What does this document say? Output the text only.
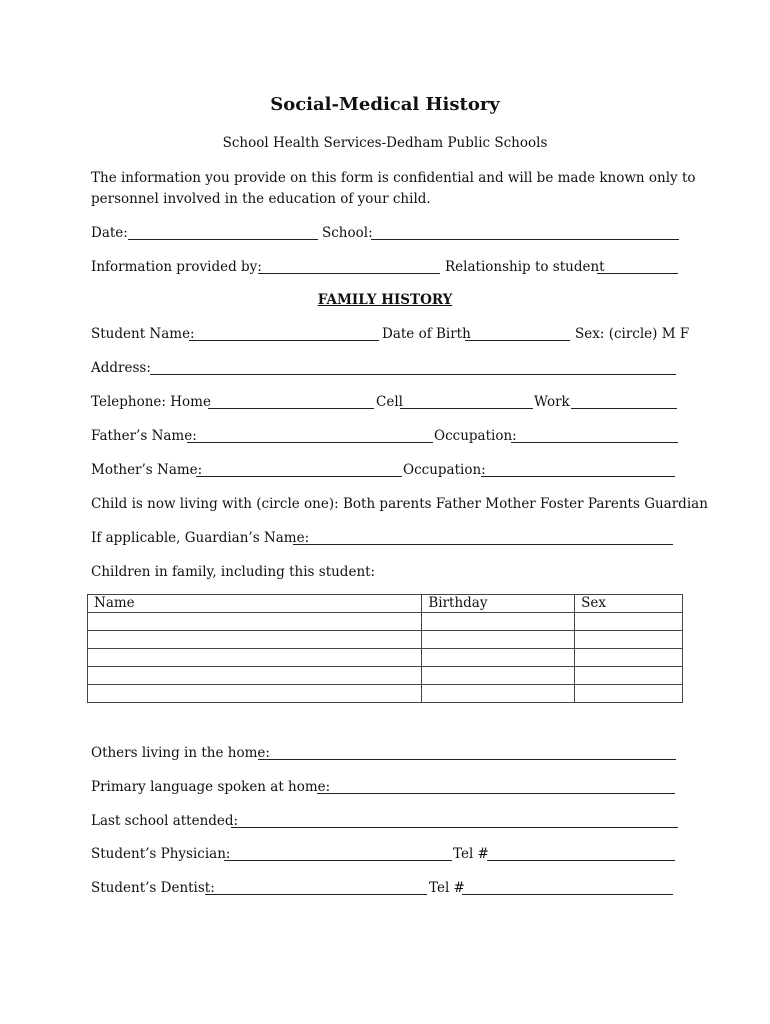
Social-Medical History
School Health Services-Dedham Public Schools
The information you provide on this form is confidential and will be made known only to
personnel involved in the education of your child.
Date:	School:
Information provided by:	Relationship to student
FAMILY HISTORY
Student Name:	Date of Birth	Sex: (circle) M F
Address:
Telephone: Home	Cell	Work
Father’s Name:	Occupation:
Mother’s Name:	Occupation:
Child is now living with (circle one): Both parents Father Mother Foster Parents Guardian
If applicable, Guardian’s Name:
Children in family, including this student:
Name	Birthday	Sex

Others living in the home:
Primary language spoken at home:
Last school attended:
Student’s Physician:	Tel #
Student’s Dentist:	Tel #
